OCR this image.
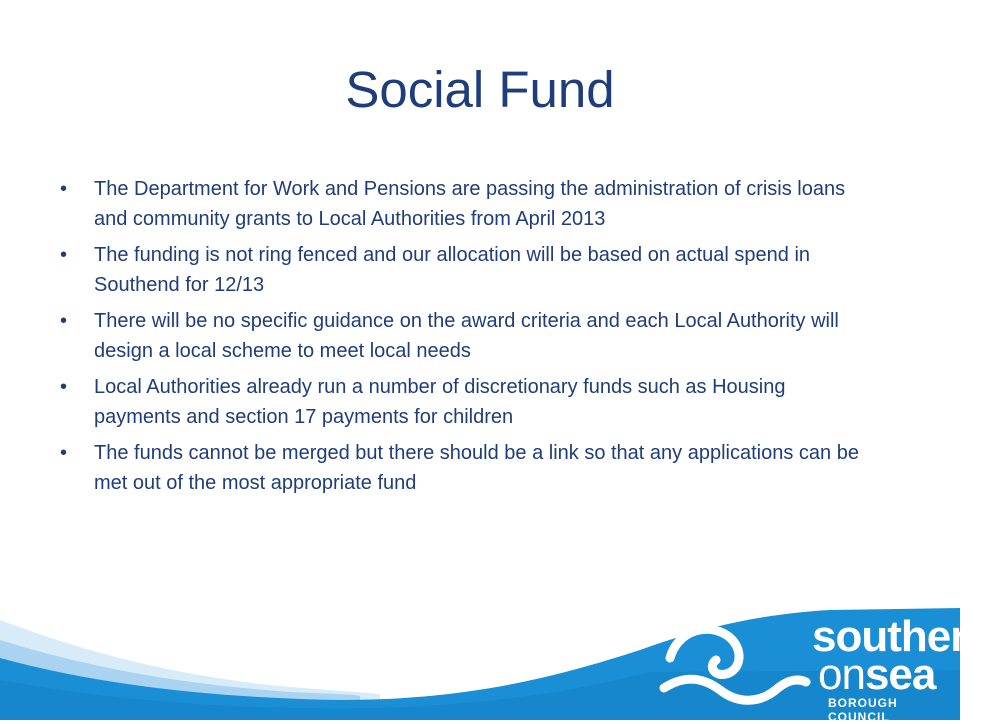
Social Fund
•	The Department for Work and Pensions are passing the administration of crisis loans and community grants to Local Authorities from April 2013
•	The funding is not ring fenced and our allocation will be based on actual spend in Southend for 12/13
•	There will be no specific guidance on the award criteria and each Local Authority will design a local scheme to meet local needs
•	Local Authorities already run a number of discretionary funds such as Housing payments and section 17 payments for children
•	The funds cannot be merged but there should be a link so that any applications can be met out of the most appropriate fund
southend
onsea
BOROUGH COUNCIL
